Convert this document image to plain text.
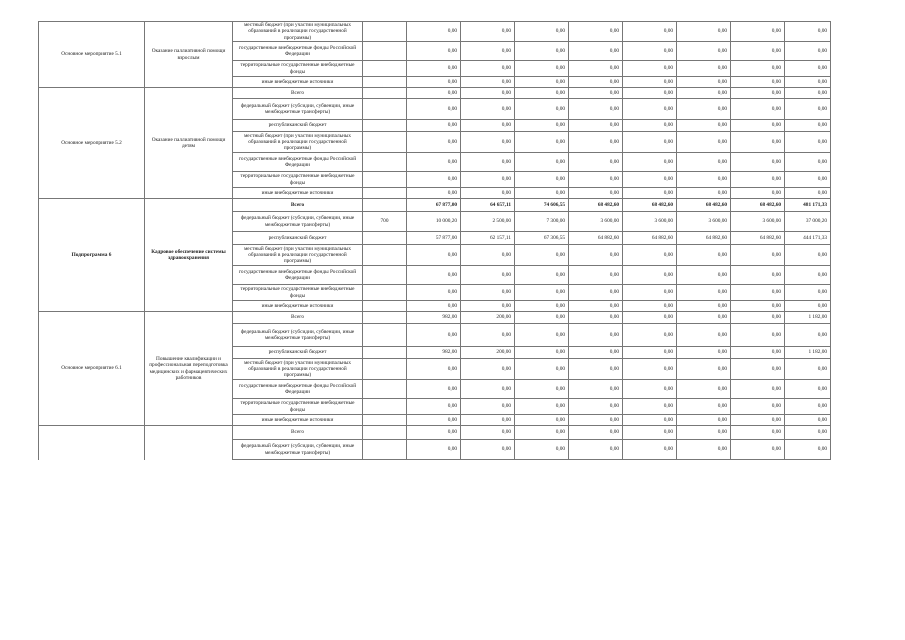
Основное мероприятие 5.1	Оказание паллиативной помощи взрослым	местный бюджет (при участии муниципальных образований в реализации государственной программы)		0,00	0,00	0,00	0,00	0,00	0,00	0,00	0,00
		государственные внебюджетные фонды Российской Федерации		0,00	0,00	0,00	0,00	0,00	0,00	0,00	0,00
		территориальные государственные внебюджетные фонды		0,00	0,00	0,00	0,00	0,00	0,00	0,00	0,00
		иные внебюджетные источники		0,00	0,00	0,00	0,00	0,00	0,00	0,00	0,00
Основное мероприятие 5.2	Оказание паллиативной помощи детям	Всего		0,00	0,00	0,00	0,00	0,00	0,00	0,00	0,00
		федеральный бюджет (субсидии, субвенции, иные межбюджетные трансферты)		0,00	0,00	0,00	0,00	0,00	0,00	0,00	0,00
		республиканский бюджет		0,00	0,00	0,00	0,00	0,00	0,00	0,00	0,00
		местный бюджет (при участии муниципальных образований в реализации государственной программы)		0,00	0,00	0,00	0,00	0,00	0,00	0,00	0,00
		государственные внебюджетные фонды Российской Федерации		0,00	0,00	0,00	0,00	0,00	0,00	0,00	0,00
		территориальные государственные внебюджетные фонды		0,00	0,00	0,00	0,00	0,00	0,00	0,00	0,00
		иные внебюджетные источники		0,00	0,00	0,00	0,00	0,00	0,00	0,00	0,00
Подпрограмма 6	Кадровое обеспечение системы здравоохранения	Всего		67 877,00	64 657,11	74 606,55	68 482,60	68 482,60	68 482,60	68 482,60	481 171,33
		федеральный бюджет (субсидии, субвенции, иные межбюджетные трансферты)	700	10 000,20	2 500,00	7 300,00	3 600,00	3 600,00	3 600,00	3 600,00	37 000,20
		республиканский бюджет		57 877,00	62 157,11	67 306,55	64 882,60	64 882,60	64 882,60	64 882,60	444 171,33
		местный бюджет (при участии муниципальных образований в реализации государственной программы)		0,00	0,00	0,00	0,00	0,00	0,00	0,00	0,00
		государственные внебюджетные фонды Российской Федерации		0,00	0,00	0,00	0,00	0,00	0,00	0,00	0,00
		территориальные государственные внебюджетные фонды		0,00	0,00	0,00	0,00	0,00	0,00	0,00	0,00
		иные внебюджетные источники		0,00	0,00	0,00	0,00	0,00	0,00	0,00	0,00
Основное мероприятие 6.1	Повышение квалификации и профессиональная переподготовка медицинских и фармацевтических работников	Всего		982,00	200,00	0,00	0,00	0,00	0,00	0,00	1 182,00
		федеральный бюджет (субсидии, субвенции, иные межбюджетные трансферты)		0,00	0,00	0,00	0,00	0,00	0,00	0,00	0,00
		республиканский бюджет		982,00	200,00	0,00	0,00	0,00	0,00	0,00	1 182,00
		местный бюджет (при участии муниципальных образований в реализации государственной программы)		0,00	0,00	0,00	0,00	0,00	0,00	0,00	0,00
		государственные внебюджетные фонды Российской Федерации		0,00	0,00	0,00	0,00	0,00	0,00	0,00	0,00
		территориальные государственные внебюджетные фонды		0,00	0,00	0,00	0,00	0,00	0,00	0,00	0,00
		иные внебюджетные источники		0,00	0,00	0,00	0,00	0,00	0,00	0,00	0,00
		Всего		0,00	0,00	0,00	0,00	0,00	0,00	0,00	0,00
		федеральный бюджет (субсидии, субвенции, иные межбюджетные трансферты)		0,00	0,00	0,00	0,00	0,00	0,00	0,00	0,00
